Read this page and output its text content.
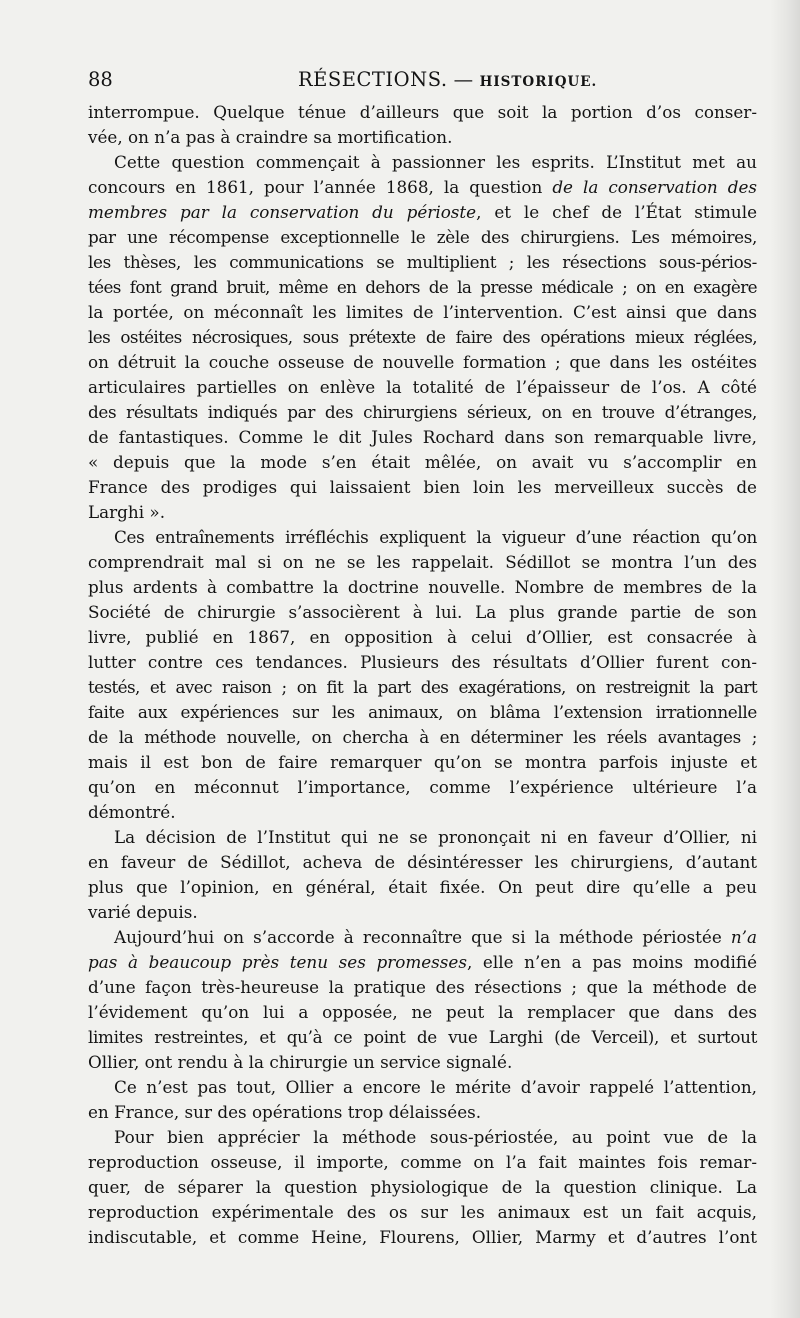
88	RÉSECTIONS. — HISTORIQUE.
interrompue. Quelque ténue d’ailleurs que soit la portion d’os conser-
vée, on n’a pas à craindre sa mortification.
Cette question commençait à passionner les esprits. L’Institut met au
concours en 1861, pour l’année 1868, la question de la conservation des
membres par la conservation du périoste, et le chef de l’État stimule
par une récompense exceptionnelle le zèle des chirurgiens. Les mémoires,
les thèses, les communications se multiplient ; les résections sous-périos-
tées font grand bruit, même en dehors de la presse médicale ; on en exagère
la portée, on méconnaît les limites de l’intervention. C’est ainsi que dans
les ostéites nécrosiques, sous prétexte de faire des opérations mieux réglées,
on détruit la couche osseuse de nouvelle formation ; que dans les ostéites
articulaires partielles on enlève la totalité de l’épaisseur de l’os. A côté
des résultats indiqués par des chirurgiens sérieux, on en trouve d’étranges,
de fantastiques. Comme le dit Jules Rochard dans son remarquable livre,
« depuis que la mode s’en était mêlée, on avait vu s’accomplir en
France des prodiges qui laissaient bien loin les merveilleux succès de
Larghi ».
Ces entraînements irréfléchis expliquent la vigueur d’une réaction qu’on
comprendrait mal si on ne se les rappelait. Sédillot se montra l’un des
plus ardents à combattre la doctrine nouvelle. Nombre de membres de la
Société de chirurgie s’associèrent à lui. La plus grande partie de son
livre, publié en 1867, en opposition à celui d’Ollier, est consacrée à
lutter contre ces tendances. Plusieurs des résultats d’Ollier furent con-
testés, et avec raison ; on fit la part des exagérations, on restreignit la part
faite aux expériences sur les animaux, on blâma l’extension irrationnelle
de la méthode nouvelle, on chercha à en déterminer les réels avantages ;
mais il est bon de faire remarquer qu’on se montra parfois injuste et
qu’on en méconnut l’importance, comme l’expérience ultérieure l’a
démontré.
La décision de l’Institut qui ne se prononçait ni en faveur d’Ollier, ni
en faveur de Sédillot, acheva de désintéresser les chirurgiens, d’autant
plus que l’opinion, en général, était fixée. On peut dire qu’elle a peu
varié depuis.
Aujourd’hui on s’accorde à reconnaître que si la méthode périostée n’a
pas à beaucoup près tenu ses promesses, elle n’en a pas moins modifié
d’une façon très-heureuse la pratique des résections ; que la méthode de
l’évidement qu’on lui a opposée, ne peut la remplacer que dans des
limites restreintes, et qu’à ce point de vue Larghi (de Verceil), et surtout
Ollier, ont rendu à la chirurgie un service signalé.
Ce n’est pas tout, Ollier a encore le mérite d’avoir rappelé l’attention,
en France, sur des opérations trop délaissées.
Pour bien apprécier la méthode sous-périostée, au point vue de la
reproduction osseuse, il importe, comme on l’a fait maintes fois remar-
quer, de séparer la question physiologique de la question clinique. La
reproduction expérimentale des os sur les animaux est un fait acquis,
indiscutable, et comme Heine, Flourens, Ollier, Marmy et d’autres l’ont
